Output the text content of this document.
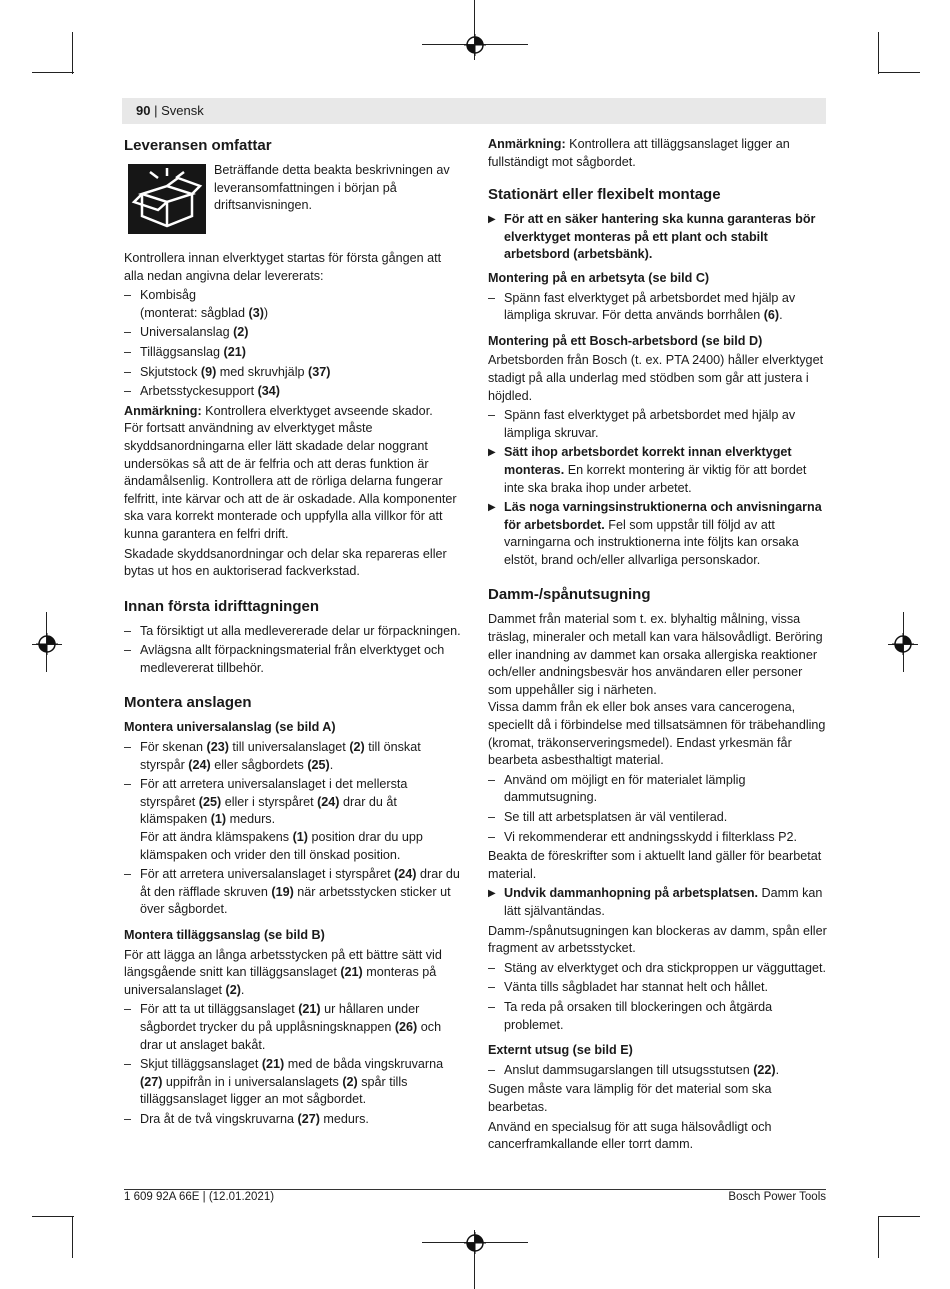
90 | Svensk
Leveransen omfattar
Beträffande detta beakta beskrivningen av leveransomfattningen i början på driftsanvisningen.

Kontrollera innan elverktyget startas för första gången att alla nedan angivna delar levererats:

– Kombisåg
(monterat: sågblad (3))
– Universalanslag (2)
– Tilläggsanslag (21)
– Skjutstock (9) med skruvhjälp (37)
– Arbetsstyckesupport (34)

Anmärkning: Kontrollera elverktyget avseende skador.

För fortsatt användning av elverktyget måste skyddsanordningarna eller lätt skadade delar noggrant undersökas så att de är felfria och att deras funktion är ändamålsenlig. Kontrollera att de rörliga delarna fungerar felfritt, inte kärvar och att de är oskadade. Alla komponenter ska vara korrekt monterade och uppfylla alla villkor för att kunna garantera en felfri drift.

Skadade skyddsanordningar och delar ska repareras eller bytas ut hos en auktoriserad fackverkstad.

Innan första idrifttagningen
– Ta försiktigt ut alla medlevererade delar ur förpackningen.
– Avlägsna allt förpackningsmaterial från elverktyget och medlevererat tillbehör.
Montera anslagen
Montera universalanslag (se bild A)
– För skenan (23) till universalanslaget (2) till önskat styrspår (24) eller sågbordets (25).
– För att arretera universalanslaget i det mellersta styrspåret (25) eller i styrspåret (24) drar du åt klämspaken (1) medurs.
För att ändra klämspakens (1) position drar du upp klämspaken och vrider den till önskad position.
– För att arretera universalanslaget i styrspåret (24) drar du åt den räfflade skruven (19) när arbetsstycken sticker ut över sågbordet.
Montera tilläggsanslag (se bild B)

För att lägga an långa arbetsstycken på ett bättre sätt vid längsgående snitt kan tilläggsanslaget (21) monteras på universalanslaget (2).

– För att ta ut tilläggsanslaget (21) ur hållaren under sågbordet trycker du på upplåsningsknappen (26) och drar ut anslaget bakåt.
– Skjut tilläggsanslaget (21) med de båda vingskruvarna (27) uppifrån in i universalanslagets (2) spår tills tilläggsanslaget ligger an mot sågbordet.
– Dra åt de två vingskruvarna (27) medurs.

Anmärkning: Kontrollera att tilläggsanslaget ligger an fullständigt mot sågbordet.

Stationärt eller flexibelt montage
▶ För att en säker hantering ska kunna garanteras bör elverktyget monteras på ett plant och stabilt arbetsbord (arbetsbänk).
Montering på en arbetsyta (se bild C)
– Spänn fast elverktyget på arbetsbordet med hjälp av lämpliga skruvar. För detta används borrhålen (6).
Montering på ett Bosch-arbetsbord (se bild D)

Arbetsborden från Bosch (t. ex. PTA 2400) håller elverktyget stadigt på alla underlag med stödben som går att justera i höjdled.

– Spänn fast elverktyget på arbetsbordet med hjälp av lämpliga skruvar.
▶ Sätt ihop arbetsbordet korrekt innan elverktyget monteras. En korrekt montering är viktig för att bordet inte ska braka ihop under arbetet.
▶ Läs noga varningsinstruktionerna och anvisningarna för arbetsbordet. Fel som uppstår till följd av att varningarna och instruktionerna inte följts kan orsaka elstöt, brand och/eller allvarliga personskador.
Damm-/spånutsugning

Dammet från material som t. ex. blyhaltig målning, vissa träslag, mineraler och metall kan vara hälsovådligt. Beröring eller inandning av dammet kan orsaka allergiska reaktioner och/eller andningsbesvär hos användaren eller personer som uppehåller sig i närheten.

Vissa damm från ek eller bok anses vara cancerogena, speciellt då i förbindelse med tillsatsämnen för träbehandling (kromat, träkonserveringsmedel). Endast yrkesmän får bearbeta asbesthaltigt material.

– Använd om möjligt en för materialet lämplig dammutsugning.
– Se till att arbetsplatsen är väl ventilerad.
– Vi rekommenderar ett andningsskydd i filterklass P2.

Beakta de föreskrifter som i aktuellt land gäller för bearbetat material.

▶ Undvik dammanhopning på arbetsplatsen. Damm kan lätt självantändas.

Damm-/spånutsugningen kan blockeras av damm, spån eller fragment av arbetsstycket.

– Stäng av elverktyget och dra stickproppen ur vägguttaget.
– Vänta tills sågbladet har stannat helt och hållet.
– Ta reda på orsaken till blockeringen och åtgärda problemet.
Externt utsug (se bild E)
– Anslut dammsugarslangen till utsugsstutsen (22).

Sugen måste vara lämplig för det material som ska bearbetas.

Använd en specialsug för att suga hälsovådligt och cancerframkallande eller torrt damm.

1 609 92A 66E | (12.01.2021)	Bosch Power Tools
